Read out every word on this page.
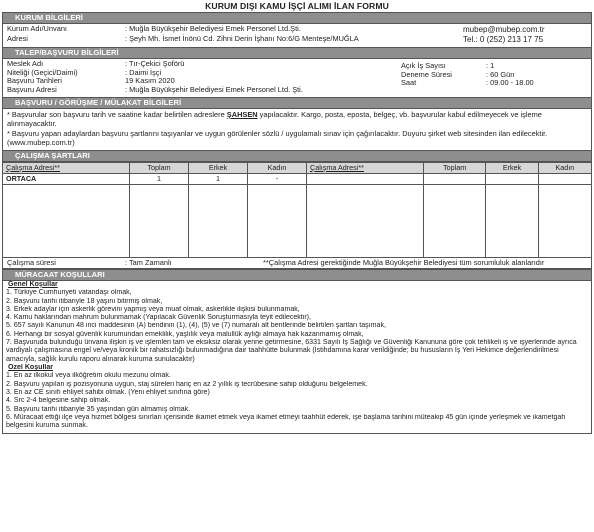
KURUM DIŞI KAMU İŞÇİ ALIMI İLAN FORMU
KURUM BİLGİLERİ
Kurum Adı/Unvanı	: Muğla Büyükşehir Belediyesi Emek Personel Ltd.Şti.	mubep@mubep.com.tr
Adresi	: Şeyh Mh. İsmet İnönü Cd. Zihni Derin İşhanı No:6/G Menteşe/MUĞLA	Tel.: 0 (252) 213 17 75
TALEP/BAŞVURU BİLGİLERİ
Meslek Adı	: Tır-Çekici Şoförü
Niteliği (Geçici/Daimi)	: Daimi İşçi
Başvuru Tarihleri	19 Kasım 2020
Başvuru Adresi	: Muğla Büyükşehir Belediyesi Emek Personel Ltd. Şti.
Açık İş Sayısı	: 1
Deneme Süresi	: 60 Gün
Saat	: 09.00 - 18.00
BAŞVURU / GÖRÜŞME / MÜLAKAT BİLGİLERİ
* Başvurular son başvuru tarih ve saatine kadar belirtilen adreslere ŞAHSEN yapılacaktır. Kargo, posta, eposta, belgeç, vb. başvurular kabul edilmeyecek ve işleme alınmayacaktır.
* Başvuru yapan adaylardan başvuru şartlarını taşıyanlar ve uygun görülenler sözlü / uygulamalı sınav için çağırılacaktır. Duyuru şirket web sitesinden ilan edilecektir. (www.mubep.com.tr)
ÇALIŞMA ŞARTLARI
Çalışma Adresi**	Toplam	Erkek	Kadın	Çalışma Adresi**	Toplam	Erkek	Kadın
ORTACA	1	1	-				

Çalışma süresi	: Tam Zamanlı	**Çalışma Adresi gerektiğinde Muğla Büyükşehir Belediyesi tüm sorumluluk alanlarıdır
MÜRACAAT KOŞULLARI
Genel Koşullar
1. Türkiye Cumhuriyeti vatandaşı olmak,
2. Başvuru tarihi itibariyle 18 yaşını bitirmiş olmak,
3. Erkek adaylar için askerlik görevini yapmış veya muaf olmak, askerlikle ilişkisi bulunmamak,
4. Kamu haklarından mahrum bulunmamak (Yapılacak Güvenlik Soruşturmasıyla teyit edilecektir),
5. 657 sayılı Kanunun 48 inci maddesinin (A) bendinin (1), (4), (5) ve (7) numaralı alt bentlerinde belirtilen şartları taşımak,
6. Herhangi bir sosyal güvenlik kurumundan emeklilik, yaşlılık veya malullük aylığı almaya hak kazanmamış olmak,
7. Başvuruda bulunduğu ünvana ilişkin iş ve işlemleri tam ve eksiksiz olarak yerine getirmesine, 6331 Sayılı İş Sağlığı ve Güvenliği Kanununa göre çok tehlikeli iş ve işyerlerinde ayrıca vardiyalı çalışmasına engel ve/veya kronik bir rahatsızlığı bulunmadığına dair taahhütte bulunmak (İstihdamına karar verildiğinde; bu hususların İş Yeri Hekimce değerlendirilmesi amacıyla, sağlık kurulu raporu alınarak kuruma sunulacaktır)
Özel Koşullar
1. En az ilkokul veya ilköğretim okulu mezunu olmak.
2. Başvuru yapılan iş pozisyonuna uygun, staj süreleri hariç en az 2 yıllık iş tecrübesine sahip olduğunu belgelemek.
3. En az CE sınıfı ehliyet sahibi olmak. (Yeni ehliyet sınıfına göre)
4. Src 2-4 belgesine sahip olmak.
5. Başvuru tarihi itibariyle 35 yaşından gün almamış olmak.
6. Müracaat ettiği ilçe veya hizmet bölgesi sınırları içerisinde ikamet etmek veya ikamet etmeyi taahhüt ederek, işe başlama tarihini müteakip 45 gün içinde yerleşmek ve ikametgah belgesini kuruma sunmak.
